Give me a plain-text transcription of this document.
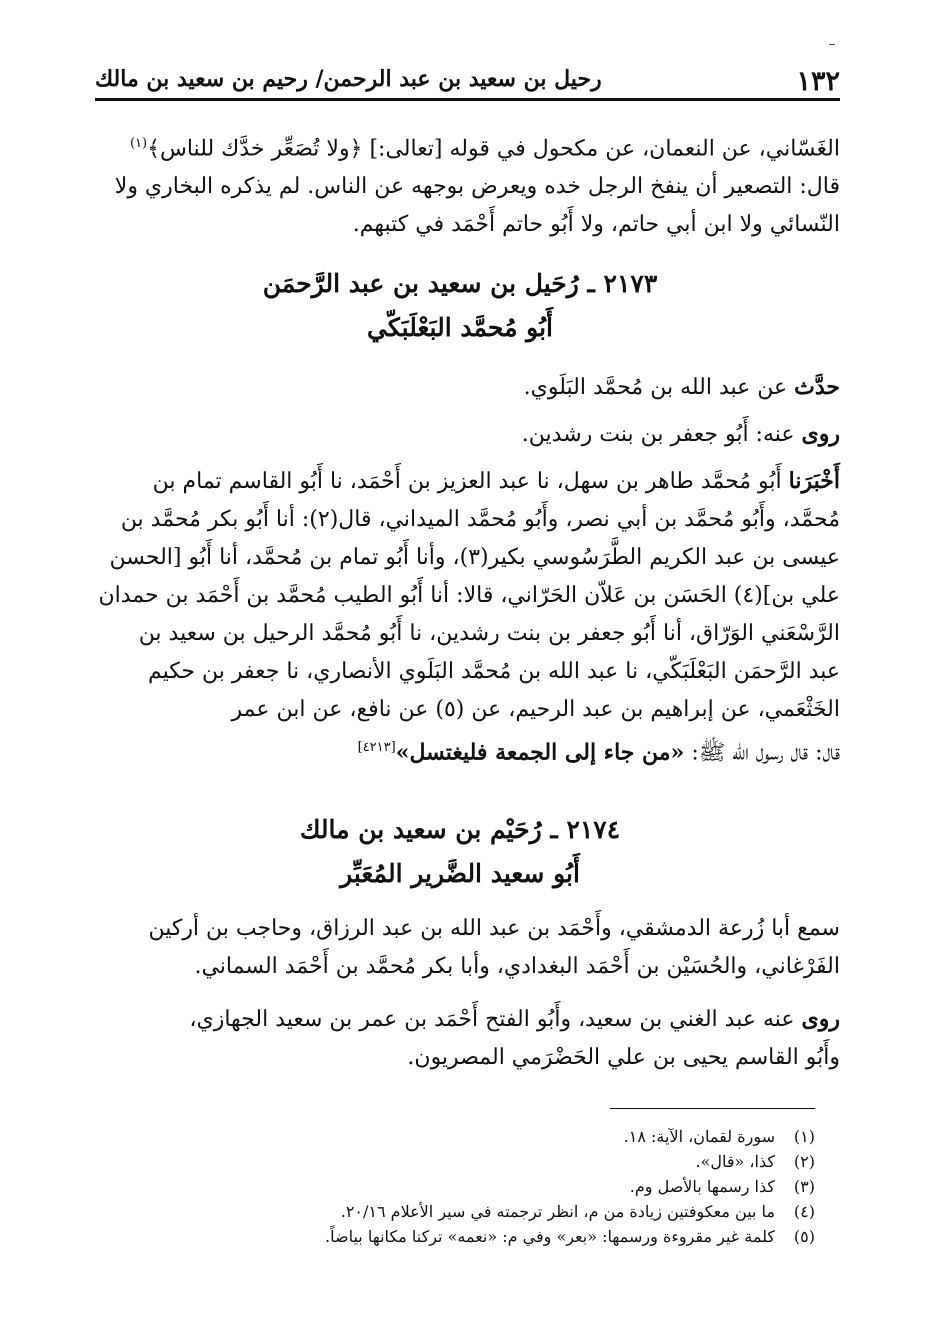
١٣٢
رحيل بن سعيد بن عبد الرحمن/ رحيم بن سعيد بن مالك
الغَسّاني، عن النعمان، عن مكحول في قوله [تعالى:] ﴿ولا تُصَعِّر خدَّك للناس﴾$^{(١)}$
قال: التصعير أن ينفخ الرجل خده ويعرض بوجهه عن الناس. لم يذكره البخاري ولا
النّسائي ولا ابن أبي حاتم، ولا أَبُو حاتم أَحْمَد في كتبهم.
٢١٧٣ ـ رُحَيل بن سعيد بن عبد الرَّحمَن
أَبُو مُحمَّد البَعْلَبَكّي
حدَّث عن عبد الله بن مُحمَّد البَلَوي.
روى عنه: أَبُو جعفر بن بنت رشدين.
أَخْبَرَنا أَبُو مُحمَّد طاهر بن سهل، نا عبد العزيز بن أَحْمَد، نا أَبُو القاسم تمام بن
مُحمَّد، وأَبُو مُحمَّد بن أبي نصر، وأَبُو مُحمَّد الميداني، قال(٢): أنا أَبُو بكر مُحمَّد بن
عيسى بن عبد الكريم الطَّرَسُوسي بكير(٣)، وأنا أَبُو تمام بن مُحمَّد، أنا أَبُو [الحسن
علي بن](٤) الحَسَن بن عَلاّن الحَرّاني، قالا: أنا أَبُو الطيب مُحمَّد بن أَحْمَد بن حمدان
الرَّسْعَني الوَرّاق، أنا أَبُو جعفر بن بنت رشدين، نا أَبُو مُحمَّد الرحيل بن سعيد بن
عبد الرَّحمَن البَعْلَبَكّي، نا عبد الله بن مُحمَّد البَلَوي الأنصاري، نا جعفر بن حكيم
الخَثْعَمي، عن إبراهيم بن عبد الرحيم، عن (٥) عن نافع، عن ابن عمر
قال: قال رسول الله ﷺ: «من جاء إلى الجمعة فليغتسل»[٤٢١٣]
٢١٧٤ ـ رُحَيْم بن سعيد بن مالك
أَبُو سعيد الضَّرير المُعَبِّر
سمع أبا زُرعة الدمشقي، وأَحْمَد بن عبد الله بن عبد الرزاق، وحاجب بن أركين
الفَرْغاني، والحُسَيْن بن أَحْمَد البغدادي، وأبا بكر مُحمَّد بن أَحْمَد السماني.
روى عنه عبد الغني بن سعيد، وأَبُو الفتح أَحْمَد بن عمر بن سعيد الجهازي،
وأَبُو القاسم يحيى بن علي الحَضْرَمي المصريون.
(١)سورة لقمان، الآية: ١٨.
(٢)كذا، «قال».
(٣)كذا رسمها بالأصل وم.
(٤)ما بين معكوفتين زيادة من م، انظر ترجمته في سير الأعلام ٢٠/١٦.
(٥)كلمة غير مقروءة ورسمها: «بعر» وفي م: «نعمه» تركنا مكانها بياضاً.
